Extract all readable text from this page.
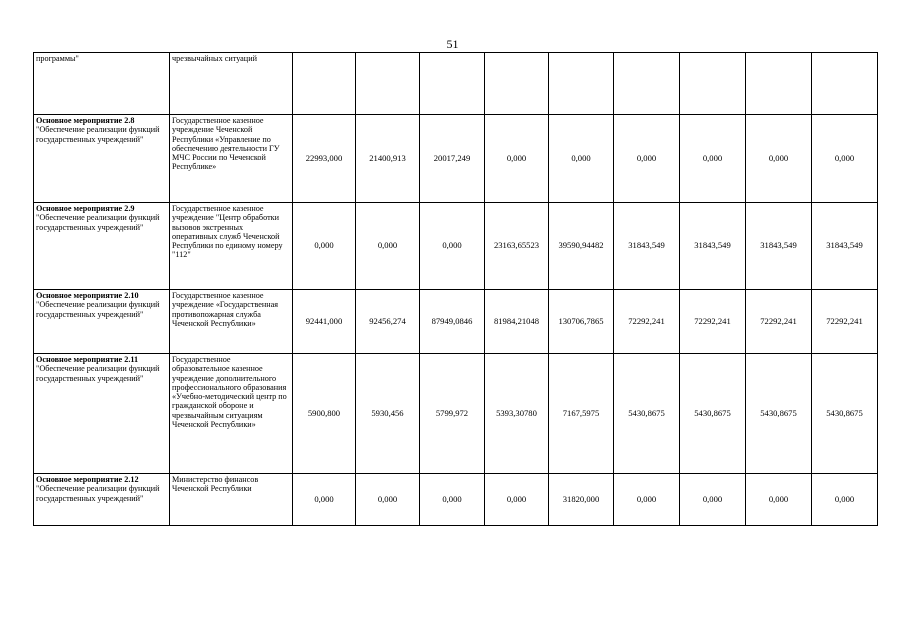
51
программы"	чрезвычайных ситуаций									
Основное мероприятие 2.8 "Обеспечение реализации функций государственных учреждений"	Государственное казенное учреждение Чеченской Республики «Управление по обеспечению деятельности ГУ МЧС России по Чеченской Республике»	22993,000	21400,913	20017,249	0,000	0,000	0,000	0,000	0,000	0,000
Основное мероприятие 2.9 "Обеспечение реализации функций государственных учреждений"	Государственное казенное учреждение "Центр обработки вызовов экстренных оперативных служб Чеченской Республики по единому номеру "112"	0,000	0,000	0,000	23163,65523	39590,94482	31843,549	31843,549	31843,549	31843,549
Основное мероприятие 2.10 "Обеспечение реализации функций государственных учреждений"	Государственное казенное учреждение «Государственная противопожарная служба Чеченской Республики»	92441,000	92456,274	87949,0846	81984,21048	130706,7865	72292,241	72292,241	72292,241	72292,241
Основное мероприятие 2.11 "Обеспечение реализации функций государственных учреждений"	Государственное образовательное казенное учреждение дополнительного профессионального образования «Учебно-методический центр по гражданской обороне и чрезвычайным ситуациям Чеченской Республики»	5900,800	5930,456	5799,972	5393,30780	7167,5975	5430,8675	5430,8675	5430,8675	5430,8675
Основное мероприятие 2.12 "Обеспечение реализации функций государственных учреждений"	Министерство финансов Чеченской Республики	0,000	0,000	0,000	0,000	31820,000	0,000	0,000	0,000	0,000
